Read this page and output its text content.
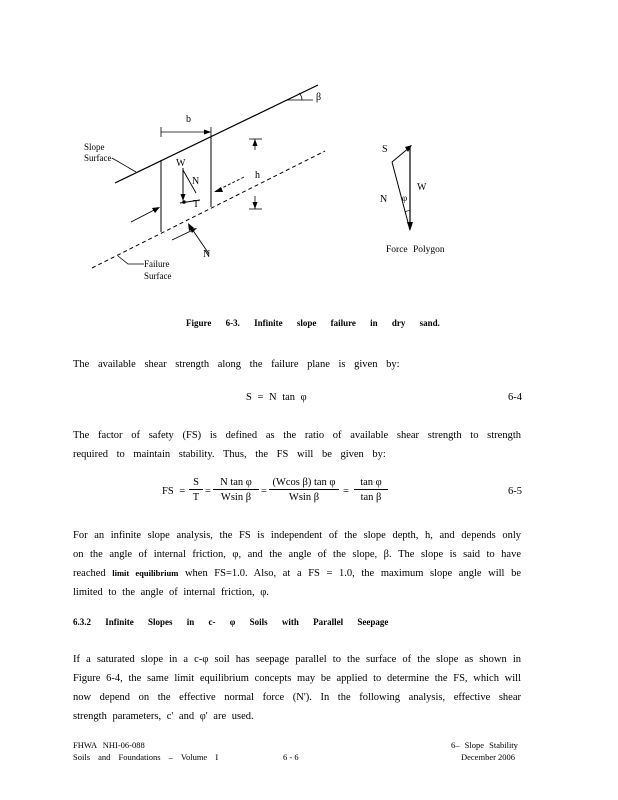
β
b
h
W
N
T
N
Slope
Surface
Failure
Surface
S
W
N φ
Force Polygon
Figure 6-3. Infinite slope failure in dry sand.
The available shear strength along the failure plane is given by:
S = N tan φ	6-4
The factor of safety (FS) is defined as the ratio of available shear strength to strength required to maintain stability. Thus, the FS will be given by:
FS = $\frac{S}{T} = \frac{\text{N tan φ}}{\text{Wsin β}} = \frac{\text{(Wcos β) tan φ}}{\text{Wsin β}} = \frac{\text{tan φ}}{\text{tan β}}$	6-5
For an infinite slope analysis, the FS is independent of the slope depth, h, and depends only on the angle of internal friction, φ, and the angle of the slope, β. The slope is said to have reached limit equilibrium when FS=1.0. Also, at a FS = 1.0, the maximum slope angle will be limited to the angle of internal friction, φ.
6.3.2 Infinite Slopes in c- φ Soils with Parallel Seepage
If a saturated slope in a c-φ soil has seepage parallel to the surface of the slope as shown in Figure 6-4, the same limit equilibrium concepts may be applied to determine the FS, which will now depend on the effective normal force (N'). In the following analysis, effective shear strength parameters, c' and φ' are used.
FHWA NHI-06-088
Soils and Foundations – Volume I	6 - 6
6– Slope Stability
December 2006
